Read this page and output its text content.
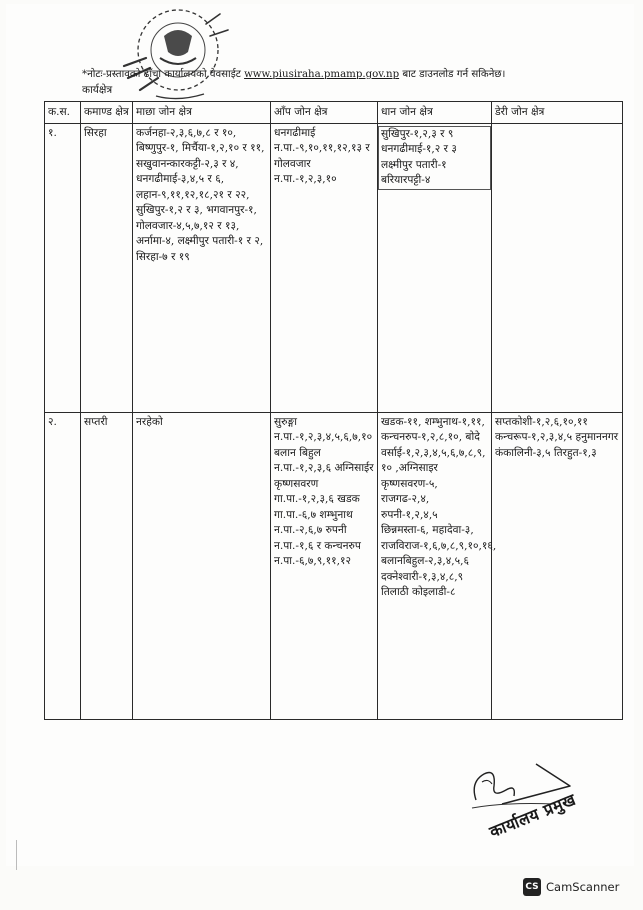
*नोटः-प्रस्तावको ढाँचा कार्यालयको वेवसाईट www.piusiraha.pmamp.gov.np बाट डाउनलोड गर्न सकिनेछ।
कार्यक्षेत्र
क.स.	कमाण्ड क्षेत्र	माछा जोन क्षेत्र	आँप जोन क्षेत्र	धान जोन क्षेत्र	डेरी जोन क्षेत्र
१.	सिरहा	कर्जनहा-२,३,६,७,८ र १०, बिष्णुपुर-१, मिर्चैया-१,२,१० र ११, सखुवानन्कारकट्टी-२,३ र ४, धनगढीमाई-३,४,५ र ६, लहान-९,११,१२,१८,२१ र २२, सुखिपुर-१,२ र ३, भगवानपुर-१, गोलवजार-४,५,७,१२ र १३, अर्नामा-४, लक्ष्मीपुर पतारी-१ र २, सिरहा-७ र १९	धनगढीमाई न.पा.-९,१०,११,१२,१३ र गोलवजार न.पा.-१,२,३,१०	सुखिपुर-१,२,३ र ९ धनगढीमाई-१,२ र ३ लक्ष्मीपुर पतारी-१ बरियारपट्टी-४	

२.	सप्तरी	नरहेको	सुरुङ्गा न.पा.-१,२,३,४,५,६,७,१० बलान बिहुल न.पा.-१,२,३,६ अग्निसाईर कृष्णसवरण गा.पा.-१,२,३,६ खडक गा.पा.-६,७ शम्भुनाथ न.पा.-२,६,७ रुपनी न.पा.-१,६ र कन्चनरुप न.पा.-६,७,९,११,१२	खडक-११, शम्भुनाथ-१,११, कन्चनरुप-१,२,८,१०, बोदे वर्साई-१,२,३,४,५,६,७,८,९, १० ,अग्निसाइर कृष्णसवरण-५, राजगढ-२,४, रुपनी-१,२,४,५ छिन्नमस्ता-६, महादेवा-३, राजविराज-१,६,७,८,९,१०,१६, बलानबिहुल-२,३,४,५,६ दक्नेश्वारी-१,३,४,८,९ तिलाठी कोइलाडी-८	सप्तकोशी-१,२,६,१०,११ कन्चरूप-१,२,३,४,५ हनुमाननगर कंकालिनी-३,५ तिरहुत-१,३
कार्यालय प्रमुख
CS CamScanner
